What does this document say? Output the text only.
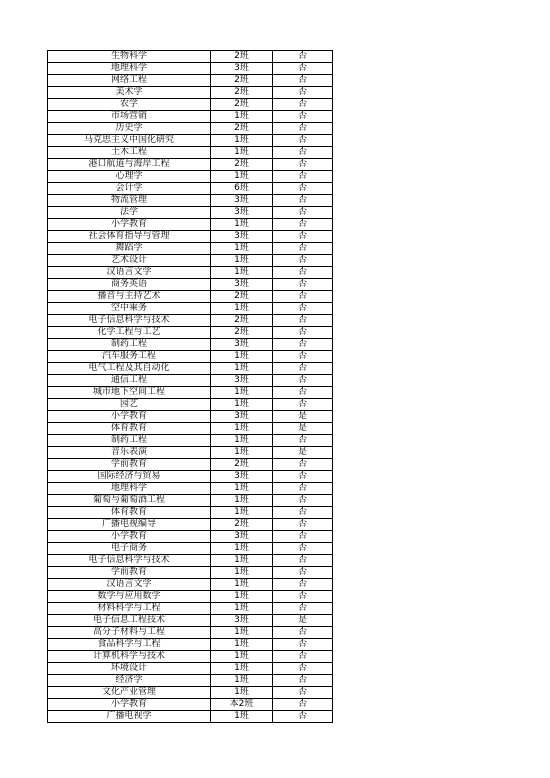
生物科学	2班	否
地理科学	3班	否
网络工程	2班	否
美术学	2班	否
农学	2班	否
市场营销	1班	否
历史学	2班	否
马克思主义中国化研究	1班	否
土木工程	1班	否
港口航道与海岸工程	2班	否
心理学	1班	否
会计学	6班	否
物流管理	3班	否
法学	3班	否
小学教育	1班	否
社会体育指导与管理	3班	否
舞蹈学	1班	否
艺术设计	1班	否
汉语言文学	1班	否
商务英语	3班	否
播音与主持艺术	2班	否
空中乘务	1班	否
电子信息科学与技术	2班	否
化学工程与工艺	2班	否
制药工程	3班	否
汽车服务工程	1班	否
电气工程及其自动化	1班	否
通信工程	3班	否
城市地下空间工程	1班	否
园艺	1班	否
小学教育	3班	是
体育教育	1班	是
制药工程	1班	否
音乐表演	1班	是
学前教育	2班	否
国际经济与贸易	3班	否
地理科学	1班	否
葡萄与葡萄酒工程	1班	否
体育教育	1班	否
广播电视编导	2班	否
小学教育	3班	否
电子商务	1班	否
电子信息科学与技术	1班	否
学前教育	1班	否
汉语言文学	1班	否
数学与应用数学	1班	否
材料科学与工程	1班	否
电子信息工程技术	3班	是
高分子材料与工程	1班	否
食品科学与工程	1班	否
计算机科学与技术	1班	否
环境设计	1班	否
经济学	1班	否
文化产业管理	1班	否
小学教育	本2班	否
广播电视学	1班	否
